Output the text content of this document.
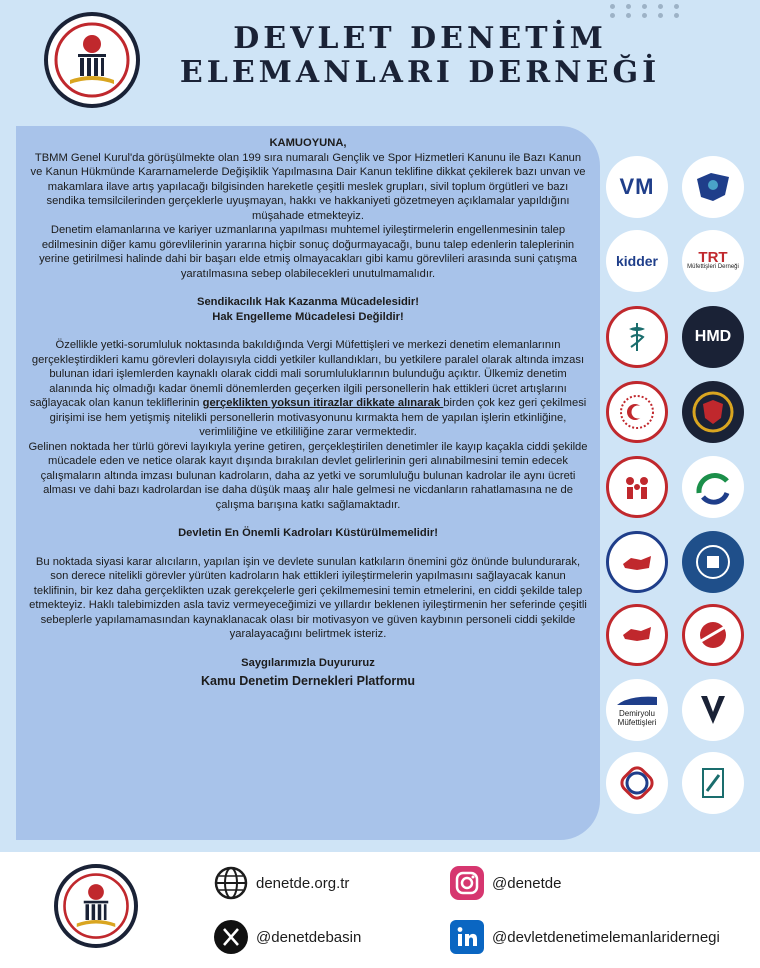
DEVLET DENETİM
ELEMANLARI DERNEĞİ

KAMUOYUNA,

TBMM Genel Kurul'da görüşülmekte olan 199 sıra numaralı Gençlik ve Spor Hizmetleri Kanunu ile Bazı Kanun ve Kanun Hükmünde Kararnamelerde Değişiklik Yapılmasına Dair Kanun teklifine dikkat çekilerek bazı unvan ve makamlara ilave artış yapılacağı bilgisinden hareketle çeşitli meslek grupları, sivil toplum örgütleri ve bazı sendika temsilcilerinden gerçeklerle uyuşmayan, hakkı ve hakkaniyeti gözetmeyen açıklamalar yapıldığını müşahade etmekteyiz.

Denetim elamanlarına ve kariyer uzmanlarına yapılması muhtemel iyileştirmelerin engellenmesinin talep edilmesinin diğer kamu görevlilerinin yararına hiçbir sonuç doğurmayacağı, bunu talep edenlerin taleplerinin yerine getirilmesi halinde dahi bir başarı elde etmiş olmayacakları gibi kamu görevlileri arasında suni çatışma yaratılmasına sebep olabilecekleri unutulmamalıdır.

Sendikacılık Hak Kazanma Mücadelesidir!

Hak Engelleme Mücadelesi Değildir!

Özellikle yetki-sorumluluk noktasında bakıldığında Vergi Müfettişleri ve merkezi denetim elemanlarının gerçekleştirdikleri kamu görevleri dolayısıyla ciddi yetkiler kullandıkları, bu yetkilere paralel olarak altında imzası bulunan idari işlemlerden kaynaklı olarak ciddi mali sorumluluklarının bulunduğu açıktır. Ülkemiz denetim alanında hiç olmadığı kadar önemli dönemlerden geçerken ilgili personellerin hak ettikleri ücret artışlarını sağlayacak olan kanun tekliflerinin gerçeklikten yoksun itirazlar dikkate alınarak birden çok kez geri çekilmesi girişimi ise hem yetişmiş nitelikli personellerin motivasyonunu kırmakta hem de yapılan işlerin etkinliğine, verimliliğine ve etkililiğine zarar vermektedir.

Gelinen noktada her türlü görevi layıkıyla yerine getiren, gerçekleştirilen denetimler ile kayıp kaçakla ciddi şekilde mücadele eden ve netice olarak kayıt dışında bırakılan devlet gelirlerinin geri alınabilmesini temin edecek çalışmaların altında imzası bulunan kadroların, daha az yetki ve sorumluluğu bulunan kadrolar ile aynı ücreti alması ve dahi bazı kadrolardan ise daha düşük maaş alır hale gelmesi ne vicdanların rahatlamasına ne de çalışma barışına katkı sağlamaktadır.

Devletin En Önemli Kadroları Küstürülmemelidir!

Bu noktada siyasi karar alıcıların, yapılan işin ve devlete sunulan katkıların önemini göz önünde bulundurarak, son derece nitelikli görevler yürüten kadroların hak ettikleri iyileştirmelerin yapılmasını sağlayacak kanun teklifinin, bir kez daha gerçeklikten uzak gerekçelerle geri çekilmemesini temin etmelerini, en ciddi şekilde talep etmekteyiz. Haklı talebimizden asla taviz vermeyeceğimizi ve yıllardır beklenen iyileştirmenin her seferinde çeşitli sebeplerle yapılamamasından kaynaklanacak olası bir motivasyon ve güven kaybının personeli ciddi şekilde yaralayacağını belirtmek isteriz.

Saygılarımızla Duyururuz

Kamu Denetim Dernekleri Platformu

VM
kidder
Demiryolu
Müfettişleri
TRT
Müfettişleri Derneği
HMD
denetde.org.tr	@denetde
@denetdebasin	@devletdenetimelemanlaridernegi
